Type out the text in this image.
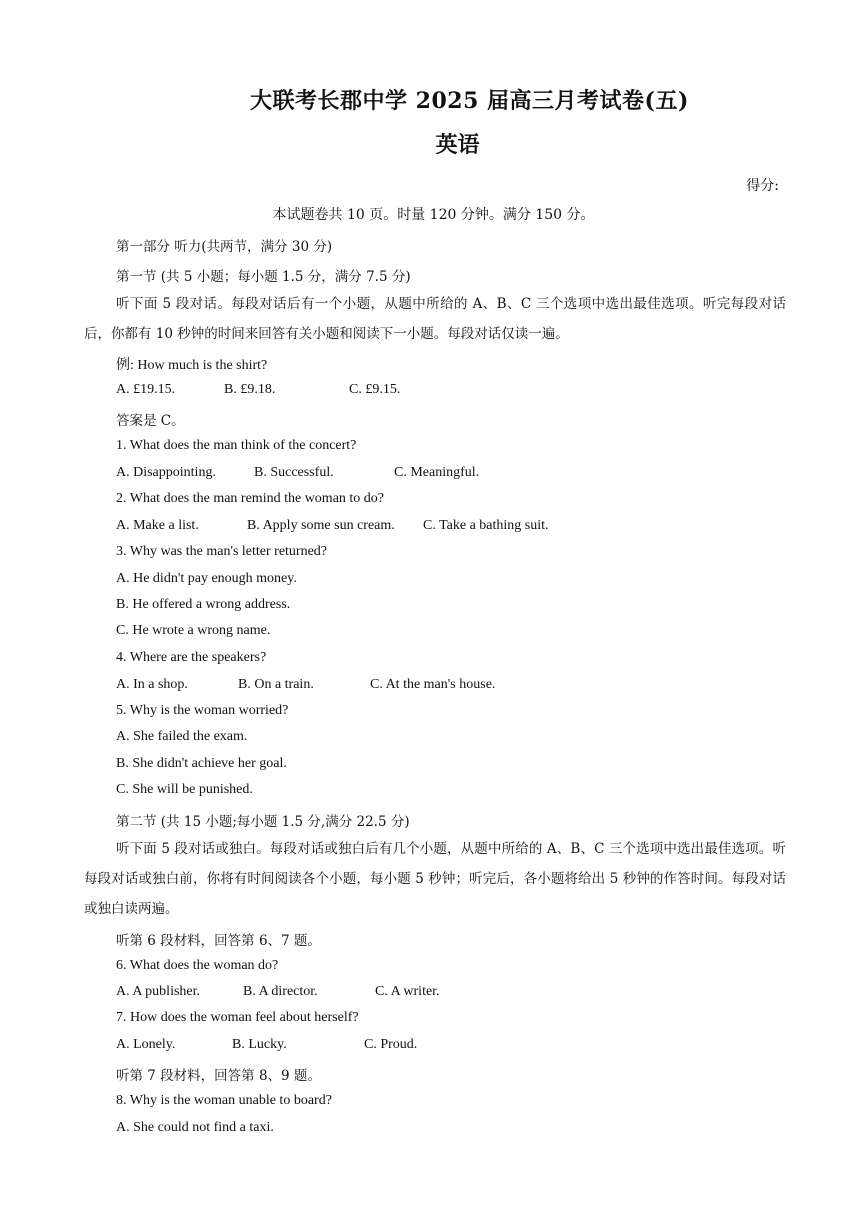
大联考长郡中学 2025 届高三月考试卷(五)
英语
得分:
本试题卷共 10 页。时量 120 分钟。满分 150 分。
第一部分 听力(共两节，满分 30 分)
第一节 (共 5 小题；每小题 1.5 分，满分 7.5 分)
听下面 5 段对话。每段对话后有一个小题，从题中所给的 A、B、C 三个选项中选出最佳选项。听完每段对话后，你都有 10 秒钟的时间来回答有关小题和阅读下一小题。每段对话仅读一遍。
例: How much is the shirt?
A. £19.15.	B. £9.18.	C. £9.15.
答案是 C。
1. What does the man think of the concert?
A. Disappointing.	B. Successful.	C. Meaningful.
2. What does the man remind the woman to do?
A. Make a list.	B. Apply some sun cream. C. Take a bathing suit.
3. Why was the man's letter returned?
A. He didn't pay enough money.
B. He offered a wrong address.
C. He wrote a wrong name.
4. Where are the speakers?
A. In a shop.	B. On a train.	C. At the man's house.
5. Why is the woman worried?
A. She failed the exam.
B. She didn't achieve her goal.
C. She will be punished.
第二节 (共 15 小题;每小题 1.5 分,满分 22.5 分)
听下面 5 段对话或独白。每段对话或独白后有几个小题，从题中所给的 A、B、C 三个选项中选出最佳选项。听每段对话或独白前，你将有时间阅读各个小题，每小题 5 秒钟；听完后，各小题将给出 5 秒钟的作答时间。每段对话或独白读两遍。
听第 6 段材料，回答第 6、7 题。
6. What does the woman do?
A. A publisher.	B. A director.	C. A writer.
7. How does the woman feel about herself?
A. Lonely.	B. Lucky.	C. Proud.
听第 7 段材料，回答第 8、9 题。
8. Why is the woman unable to board?
A. She could not find a taxi.
